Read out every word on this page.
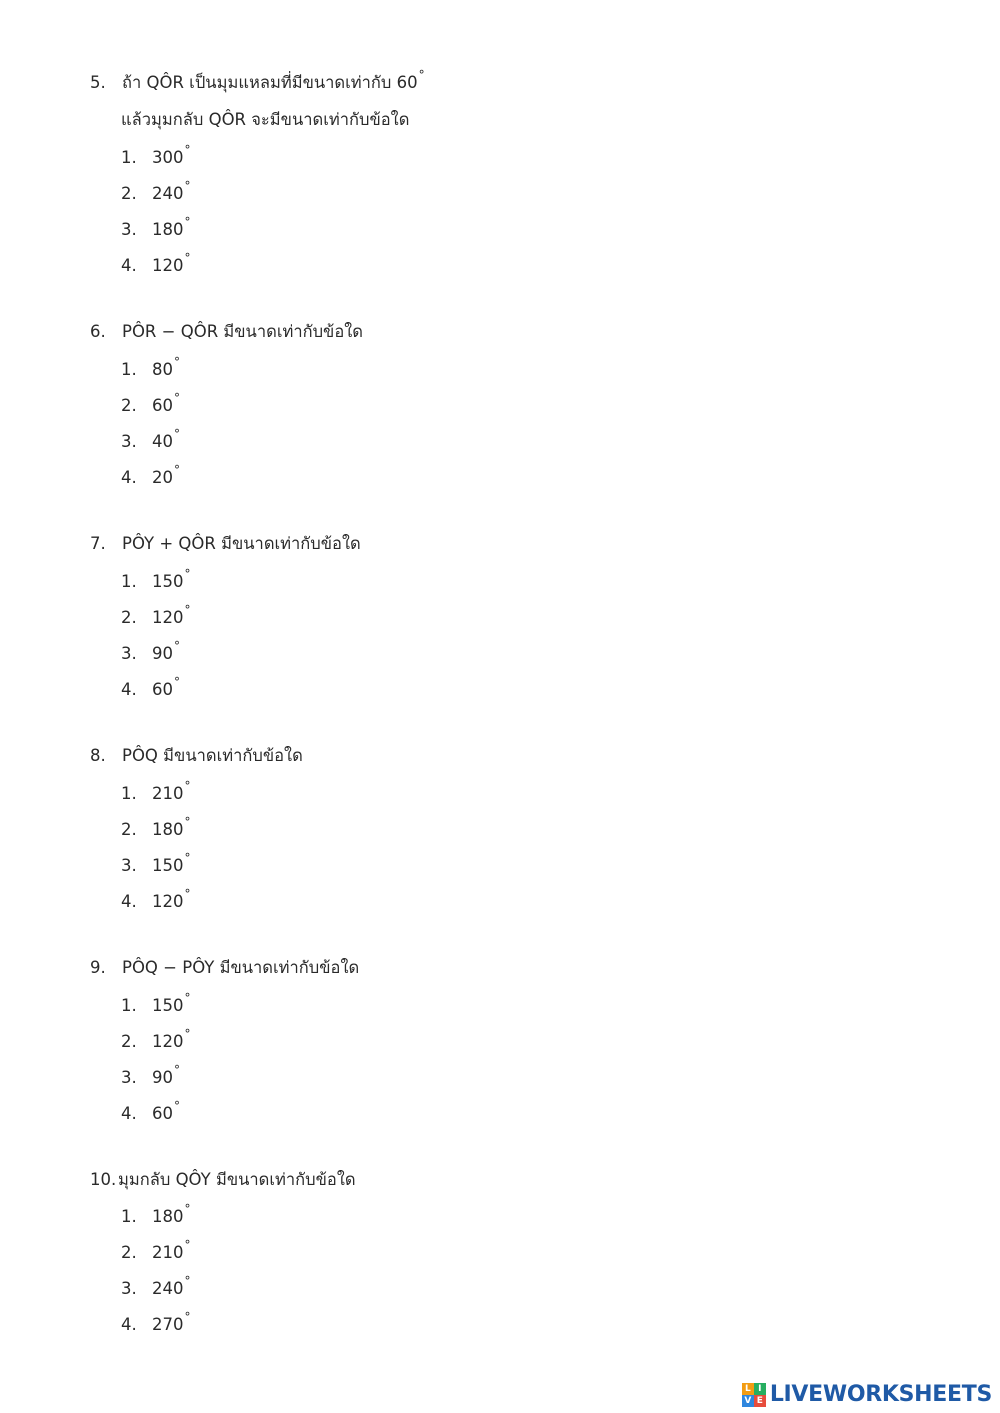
5. ถ้า QÔR เป็นมุมแหลมที่มีขนาดเท่ากับ 60°
แล้วมุมกลับ QÔR จะมีขนาดเท่ากับข้อใด
1. 300°
2. 240°
3. 180°
4. 120°
6. PÔR − QÔR มีขนาดเท่ากับข้อใด
1. 80°
2. 60°
3. 40°
4. 20°
7. PÔY + QÔR มีขนาดเท่ากับข้อใด
1. 150°
2. 120°
3. 90°
4. 60°
8. PÔQ มีขนาดเท่ากับข้อใด
1. 210°
2. 180°
3. 150°
4. 120°
9. PÔQ − PÔY มีขนาดเท่ากับข้อใด
1. 150°
2. 120°
3. 90°
4. 60°
10. มุมกลับ QÔY มีขนาดเท่ากับข้อใด
1. 180°
2. 210°
3. 240°
4. 270°
L I
V E LIVEWORKSHEETS
